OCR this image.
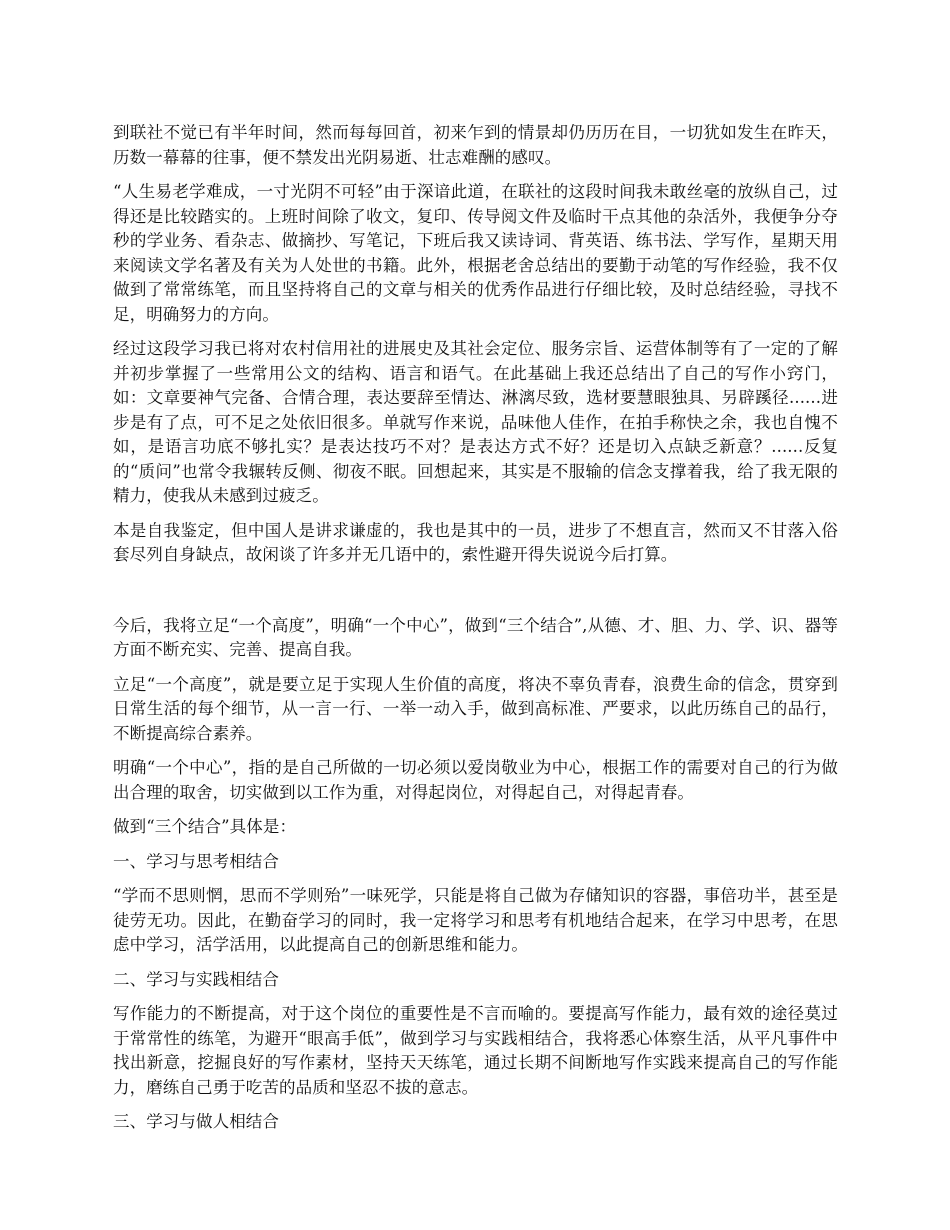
到联社不觉已有半年时间，然而每每回首，初来乍到的情景却仍历历在目，一切犹如发生在昨天，历数一幕幕的往事，便不禁发出光阴易逝、壮志难酬的感叹。

“人生易老学难成，一寸光阴不可轻”由于深谙此道，在联社的这段时间我未敢丝毫的放纵自己，过得还是比较踏实的。上班时间除了收文，复印、传导阅文件及临时干点其他的杂活外，我便争分夺秒的学业务、看杂志、做摘抄、写笔记，下班后我又读诗词、背英语、练书法、学写作，星期天用来阅读文学名著及有关为人处世的书籍。此外，根据老舍总结出的要勤于动笔的写作经验，我不仅做到了常常练笔，而且坚持将自己的文章与相关的优秀作品进行仔细比较，及时总结经验，寻找不足，明确努力的方向。

经过这段学习我已将对农村信用社的进展史及其社会定位、服务宗旨、运营体制等有了一定的了解并初步掌握了一些常用公文的结构、语言和语气。在此基础上我还总结出了自己的写作小窍门，如：文章要神气完备、合情合理，表达要辞至情达、淋漓尽致，选材要慧眼独具、另辟蹊径......进步是有了点，可不足之处依旧很多。单就写作来说，品味他人佳作，在拍手称快之余，我也自愧不如，是语言功底不够扎实？是表达技巧不对？是表达方式不好？还是切入点缺乏新意？......反复的“质问”也常令我辗转反侧、彻夜不眠。回想起来，其实是不服输的信念支撑着我，给了我无限的精力，使我从未感到过疲乏。

本是自我鉴定，但中国人是讲求谦虚的，我也是其中的一员，进步了不想直言，然而又不甘落入俗套尽列自身缺点，故闲谈了许多并无几语中的，索性避开得失说说今后打算。

今后，我将立足“一个高度”，明确“一个中心”，做到“三个结合”,从德、才、胆、力、学、识、器等方面不断充实、完善、提高自我。

立足“一个高度”，就是要立足于实现人生价值的高度，将决不辜负青春，浪费生命的信念，贯穿到日常生活的每个细节，从一言一行、一举一动入手，做到高标准、严要求，以此历练自己的品行，不断提高综合素养。

明确“一个中心”，指的是自己所做的一切必须以爱岗敬业为中心，根据工作的需要对自己的行为做出合理的取舍，切实做到以工作为重，对得起岗位，对得起自己，对得起青春。

做到“三个结合”具体是：

一、学习与思考相结合

“学而不思则惘，思而不学则殆”一味死学，只能是将自己做为存储知识的容器，事倍功半，甚至是徒劳无功。因此，在勤奋学习的同时，我一定将学习和思考有机地结合起来，在学习中思考，在思虑中学习，活学活用，以此提高自己的创新思维和能力。

二、学习与实践相结合

写作能力的不断提高，对于这个岗位的重要性是不言而喻的。要提高写作能力，最有效的途径莫过于常常性的练笔，为避开“眼高手低”，做到学习与实践相结合，我将悉心体察生活，从平凡事件中找出新意，挖掘良好的写作素材，坚持天天练笔，通过长期不间断地写作实践来提高自己的写作能力，磨练自己勇于吃苦的品质和坚忍不拔的意志。

三、学习与做人相结合
